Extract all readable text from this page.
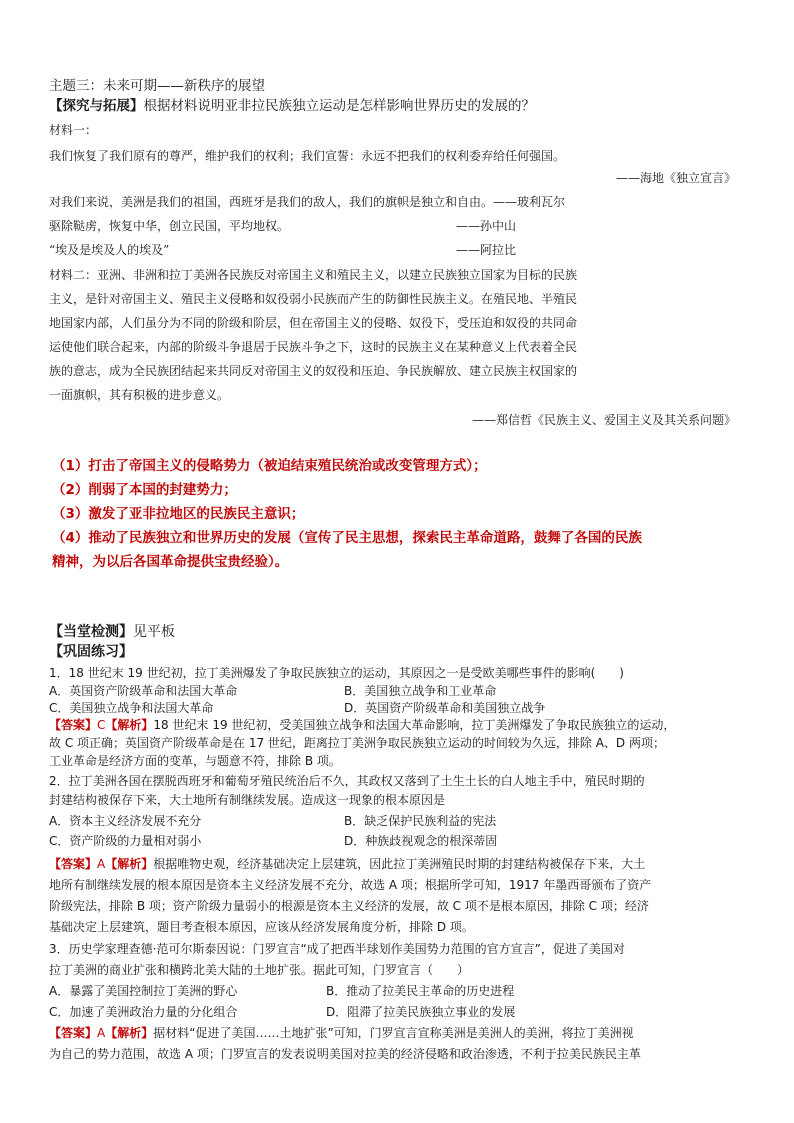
主题三：未来可期——新秩序的展望
【探究与拓展】根据材料说明亚非拉民族独立运动是怎样影响世界历史的发展的？
材料一：
我们恢复了我们原有的尊严，维护我们的权利；我们宣誓：永远不把我们的权利委弃给任何强国。
——海地《独立宣言》
对我们来说，美洲是我们的祖国，西班牙是我们的敌人，我们的旗帜是独立和自由。——玻利瓦尔
驱除鞑虏，恢复中华，创立民国，平均地权。	——孙中山
“埃及是埃及人的埃及”	——阿拉比
材料二：亚洲、非洲和拉丁美洲各民族反对帝国主义和殖民主义，以建立民族独立国家为目标的民族
主义，是针对帝国主义、殖民主义侵略和奴役弱小民族而产生的防御性民族主义。在殖民地、半殖民
地国家内部，人们虽分为不同的阶级和阶层，但在帝国主义的侵略、奴役下，受压迫和奴役的共同命
运使他们联合起来，内部的阶级斗争退居于民族斗争之下，这时的民族主义在某种意义上代表着全民
族的意志，成为全民族团结起来共同反对帝国主义的奴役和压迫、争民族解放、建立民族主权国家的
一面旗帜，其有积极的进步意义。
——郑信哲《民族主义、爱国主义及其关系问题》
（1）打击了帝国主义的侵略势力（被迫结束殖民统治或改变管理方式）；
（2）削弱了本国的封建势力；
（3）激发了亚非拉地区的民族民主意识；
（4）推动了民族独立和世界历史的发展（宣传了民主思想，探索民主革命道路，鼓舞了各国的民族
精神，为以后各国革命提供宝贵经验）。
【当堂检测】见平板
【巩固练习】
1．18 世纪末 19 世纪初，拉丁美洲爆发了争取民族独立的运动，其原因之一是受欧美哪些事件的影响(　　)
A．英国资产阶级革命和法国大革命	B．美国独立战争和工业革命
C．美国独立战争和法国大革命	D．英国资产阶级革命和美国独立战争
【答案】C【解析】18 世纪末 19 世纪初，受美国独立战争和法国大革命影响，拉丁美洲爆发了争取民族独立的运动，
故 C 项正确；英国资产阶级革命是在 17 世纪，距离拉丁美洲争取民族独立运动的时间较为久远，排除 A、D 两项；
工业革命是经济方面的变革，与题意不符，排除 B 项。
2．拉丁美洲各国在摆脱西班牙和葡萄牙殖民统治后不久，其政权又落到了土生土长的白人地主手中，殖民时期的
封建结构被保存下来，大土地所有制继续发展。造成这一现象的根本原因是
A．资本主义经济发展不充分	B．缺乏保护民族利益的宪法
C．资产阶级的力量相对弱小	D．种族歧视观念的根深蒂固
【答案】A【解析】根据唯物史观，经济基础决定上层建筑，因此拉丁美洲殖民时期的封建结构被保存下来，大土
地所有制继续发展的根本原因是资本主义经济发展不充分，故选 A 项；根据所学可知，1917 年墨西哥颁布了资产
阶级宪法，排除 B 项；资产阶级力量弱小的根源是资本主义经济的发展，故 C 项不是根本原因，排除 C 项；经济
基础决定上层建筑，题目考查根本原因，应该从经济发展角度分析，排除 D 项。
3．历史学家理查德·范可尔斯泰因说：门罗宣言“成了把西半球划作美国势力范围的官方宣言”，促进了美国对
拉丁美洲的商业扩张和横跨北美大陆的土地扩张。据此可知，门罗宣言（　　）
A．暴露了美国控制拉丁美洲的野心	B．推动了拉美民主革命的历史进程
C．加速了美洲政治力量的分化组合	D．阻滞了拉美民族独立事业的发展
【答案】A【解析】据材料“促进了美国……土地扩张”可知，门罗宣言宣称美洲是美洲人的美洲，将拉丁美洲视
为自己的势力范围，故选 A 项；门罗宣言的发表说明美国对拉美的经济侵略和政治渗透，不利于拉美民族民主革
